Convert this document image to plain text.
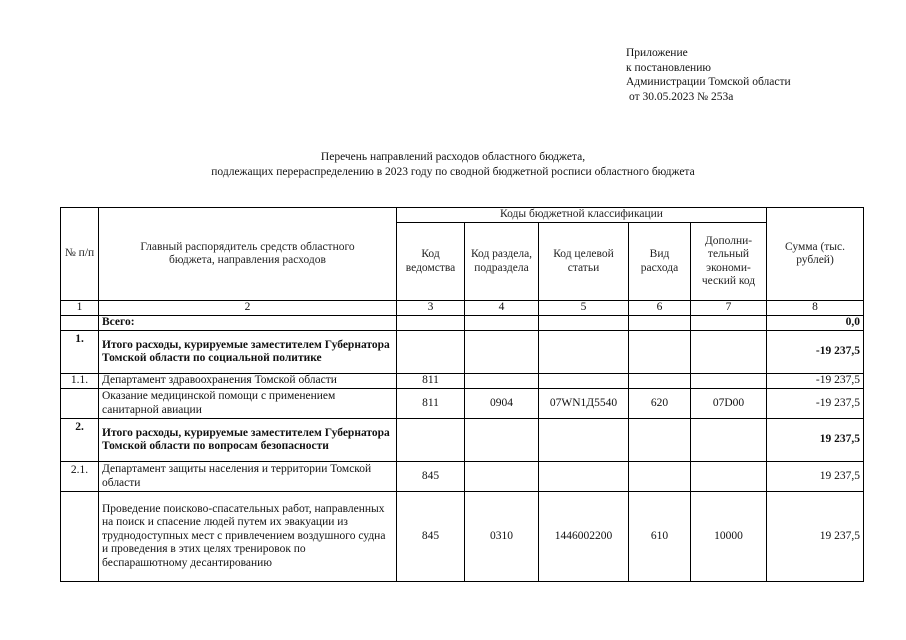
Приложение
к постановлению
Администрации Томской области
от 30.05.2023 № 253а
Перечень направлений расходов областного бюджета,
подлежащих перераспределению в 2023 году по сводной бюджетной росписи областного бюджета
№ п/п	Главный распорядитель средств областного бюджета, направления расходов	Коды бюджетной классификации					Сумма (тыс. рублей)
		Код ведомства	Код раздела, подраздела	Код целевой статьи	Вид расхода	Дополни-тельный экономи-ческий код	
1	2	3	4	5	6	7	8
	Всего:						0,0
1.	Итого расходы, курируемые заместителем Губернатора Томской области по социальной политике						-19 237,5
1.1.	Департамент здравоохранения Томской области	811					-19 237,5
	Оказание медицинской помощи с применением санитарной авиации	811	0904	07WN1Д5540	620	07D00	-19 237,5
2.	Итого расходы, курируемые заместителем Губернатора Томской области по вопросам безопасности						19 237,5
2.1.	Департамент защиты населения и территории Томской области	845					19 237,5
	Проведение поисково-спасательных работ, направленных на поиск и спасение людей путем их эвакуации из труднодоступных мест с привлечением воздушного судна и проведения в этих целях тренировок по беспарашютному десантированию	845	0310	1446002200	610	10000	19 237,5
